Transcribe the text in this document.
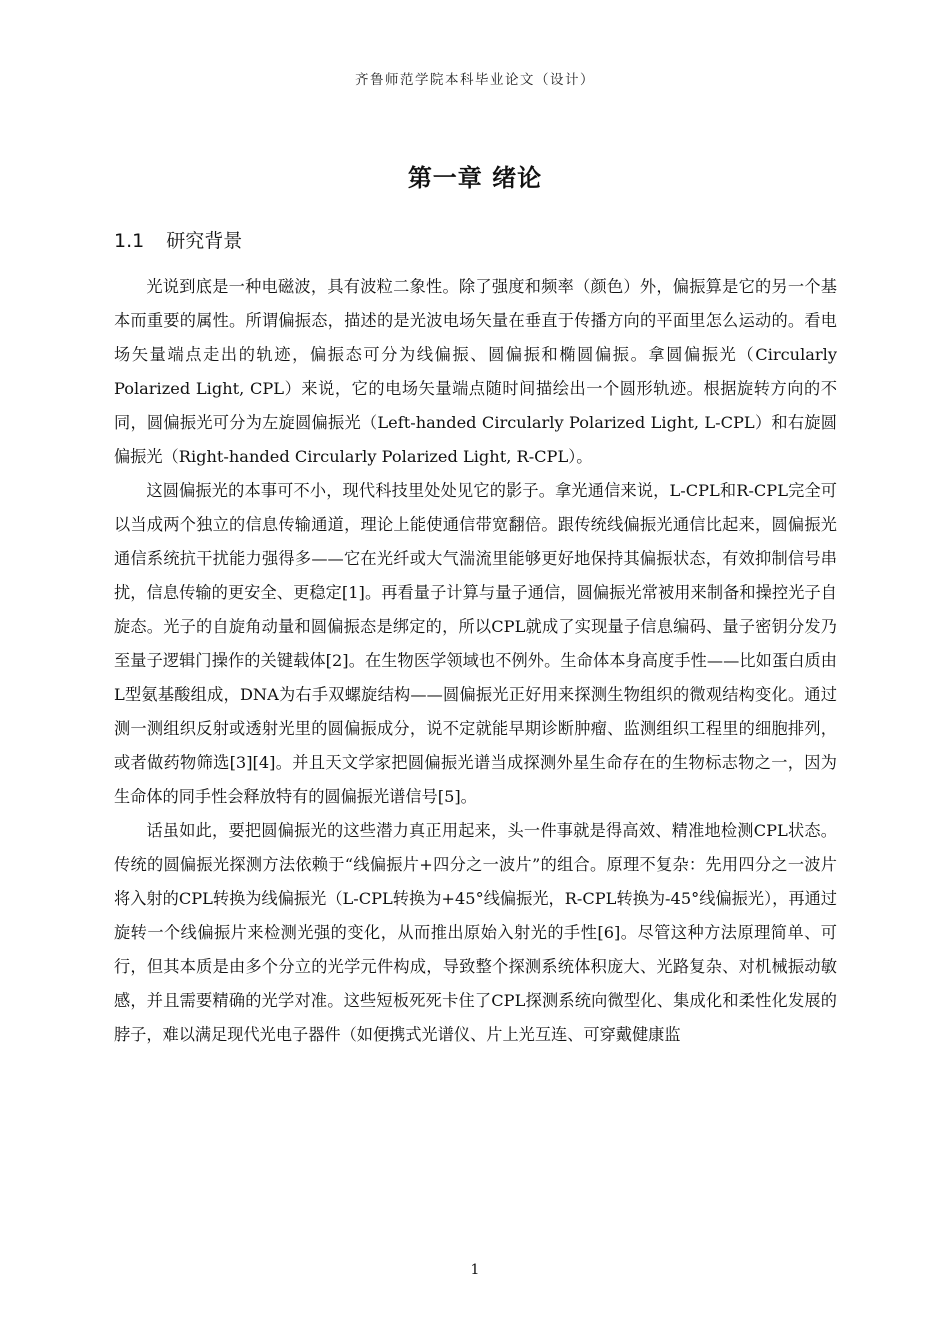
齐鲁师范学院本科毕业论文（设计）
第一章 绪论
1.1 研究背景

光说到底是一种电磁波，具有波粒二象性。除了强度和频率（颜色）外，偏振算是它的另一个基本而重要的属性。所谓偏振态，描述的是光波电场矢量在垂直于传播方向的平面里怎么运动的。看电场矢量端点走出的轨迹，偏振态可分为线偏振、圆偏振和椭圆偏振。拿圆偏振光（Circularly Polarized Light, CPL）来说，它的电场矢量端点随时间描绘出一个圆形轨迹。根据旋转方向的不同，圆偏振光可分为左旋圆偏振光（Left-handed Circularly Polarized Light, L-CPL）和右旋圆偏振光（Right-handed Circularly Polarized Light, R-CPL）。

这圆偏振光的本事可不小，现代科技里处处见它的影子。拿光通信来说，L-CPL和R-CPL完全可以当成两个独立的信息传输通道，理论上能使通信带宽翻倍。跟传统线偏振光通信比起来，圆偏振光通信系统抗干扰能力强得多——它在光纤或大气湍流里能够更好地保持其偏振状态，有效抑制信号串扰，信息传输的更安全、更稳定[1]。再看量子计算与量子通信，圆偏振光常被用来制备和操控光子自旋态。光子的自旋角动量和圆偏振态是绑定的，所以CPL就成了实现量子信息编码、量子密钥分发乃至量子逻辑门操作的关键载体[2]。在生物医学领域也不例外。生命体本身高度手性——比如蛋白质由L型氨基酸组成，DNA为右手双螺旋结构——圆偏振光正好用来探测生物组织的微观结构变化。通过测一测组织反射或透射光里的圆偏振成分，说不定就能早期诊断肿瘤、监测组织工程里的细胞排列，或者做药物筛选[3][4]。并且天文学家把圆偏振光谱当成探测外星生命存在的生物标志物之一，因为生命体的同手性会释放特有的圆偏振光谱信号[5]。

话虽如此，要把圆偏振光的这些潜力真正用起来，头一件事就是得高效、精准地检测CPL状态。传统的圆偏振光探测方法依赖于“线偏振片+四分之一波片”的组合。原理不复杂：先用四分之一波片将入射的CPL转换为线偏振光（L-CPL转换为+45°线偏振光，R-CPL转换为-45°线偏振光），再通过旋转一个线偏振片来检测光强的变化，从而推出原始入射光的手性[6]。尽管这种方法原理简单、可行，但其本质是由多个分立的光学元件构成，导致整个探测系统体积庞大、光路复杂、对机械振动敏感，并且需要精确的光学对准。这些短板死死卡住了CPL探测系统向微型化、集成化和柔性化发展的脖子，难以满足现代光电子器件（如便携式光谱仪、片上光互连、可穿戴健康监

1
